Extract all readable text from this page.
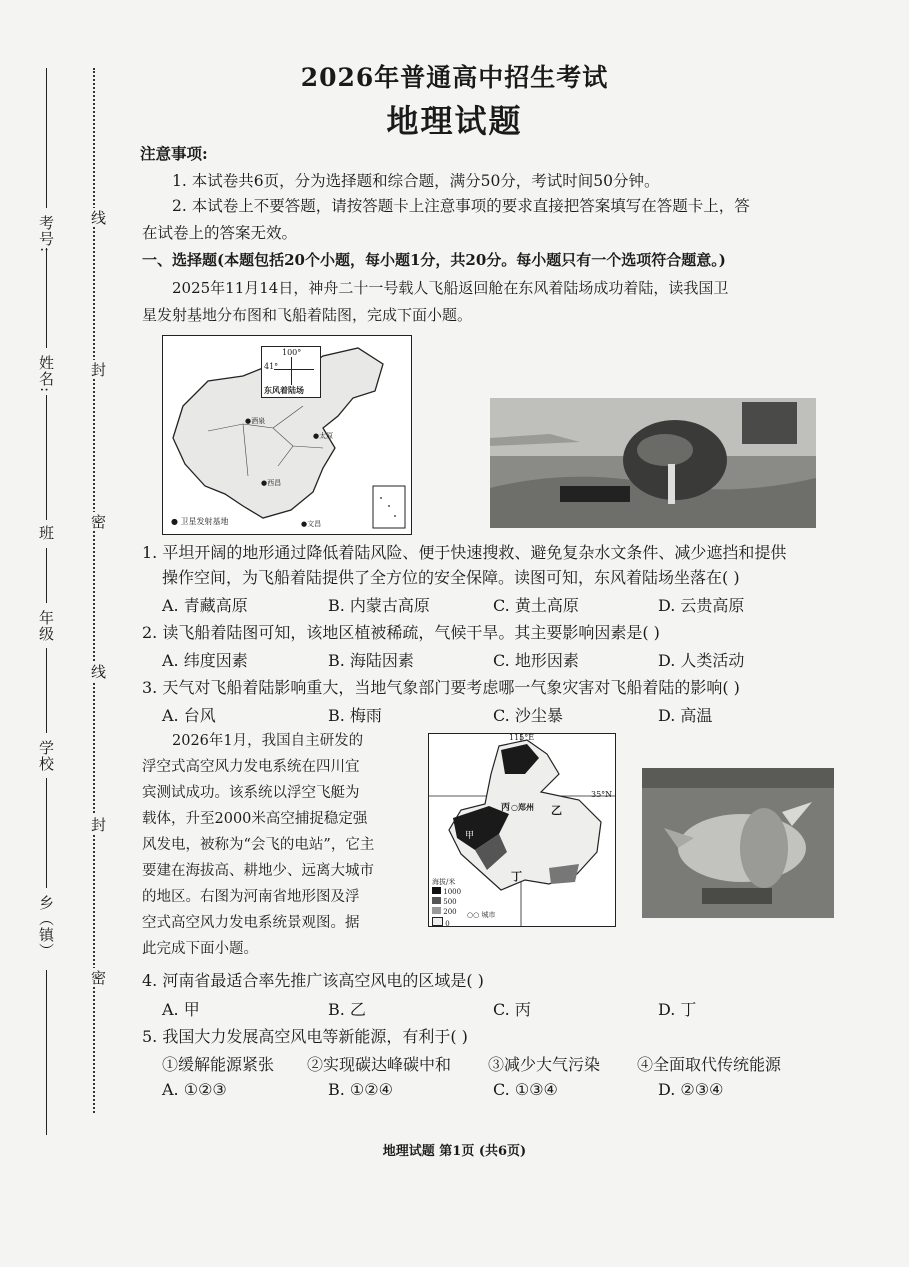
考号:
姓名:
班
年级
学校
乡（镇）
线
封
密
线
封
密
2026年普通高中招生考试
地理试题
注意事项:
1. 本试卷共6页，分为选择题和综合题，满分50分，考试时间50分钟。
2. 本试卷上不要答题，请按答题卡上注意事项的要求直接把答案填写在答题卡上，答
在试卷上的答案无效。
一、选择题(本题包括20个小题，每小题1分，共20分。每小题只有一个选项符合题意。)
2025年11月14日，神舟二十一号载人飞船返回舱在东风着陆场成功着陆，读我国卫
星发射基地分布图和飞船着陆图，完成下面小题。
100°
41°
东风着陆场
●酒泉
●太原
●西昌
●文昌
● 卫星发射基地
1. 平坦开阔的地形通过降低着陆风险、便于快速搜救、避免复杂水文条件、减少遮挡和提供
操作空间，为飞船着陆提供了全方位的安全保障。读图可知，东风着陆场坐落在( )
A. 青藏高原	B. 内蒙古高原	C. 黄土高原	D. 云贵高原
2. 读飞船着陆图可知，该地区植被稀疏，气候干旱。其主要影响因素是( )
A. 纬度因素	B. 海陆因素	C. 地形因素	D. 人类活动
3. 天气对飞船着陆影响重大，当地气象部门要考虑哪一气象灾害对飞船着陆的影响( )
A. 台风	B. 梅雨	C. 沙尘暴	D. 高温
2026年1月，我国自主研发的
浮空式高空风力发电系统在四川宜
宾测试成功。该系统以浮空飞艇为
载体，升至2000米高空捕捉稳定强
风发电，被称为“会飞的电站”，它主
要建在海拔高、耕地少、远离大城市
的地区。右图为河南省地形图及浮
空式高空风力发电系统景观图。据
此完成下面小题。
115°E
35°N
丙 ○郑州 乙
甲
丁
海拔/米
1000
500
200
0
○○ 城市
4. 河南省最适合率先推广该高空风电的区域是( )
A. 甲	B. 乙	C. 丙	D. 丁
5. 我国大力发展高空风电等新能源，有利于( )
①缓解能源紧张 ②实现碳达峰碳中和 ③减少大气污染 ④全面取代传统能源
A. ①②③	B. ①②④	C. ①③④	D. ②③④
地理试题 第1页 (共6页)
